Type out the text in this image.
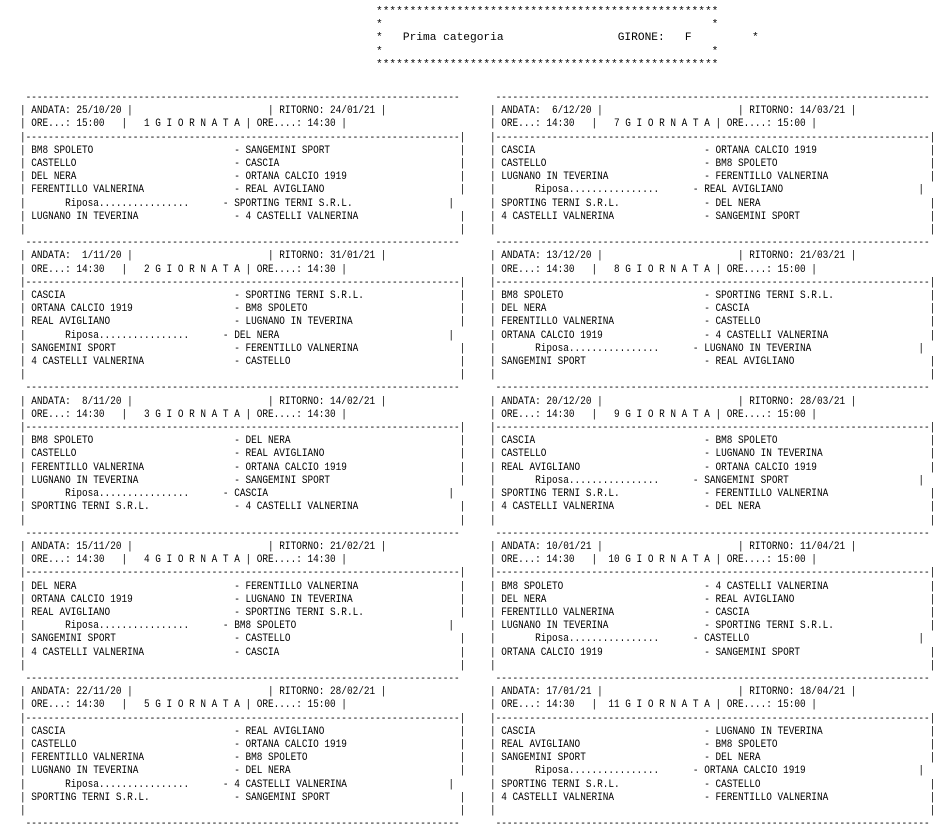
***************************************************
*                                                 *
*   Prima categoria	GIRONE: F         *
*                                                 *
***************************************************
-----------------------------------------------------------------------------
| ANDATA: 25/10/20 |                        | RITORNO: 24/01/21 |
| ORE...: 15:00   |   1 G I O R N A T A | ORE....: 14:30 |
|-----------------------------------------------------------------------------|
| BM8 SPOLETO                         - SANGEMINI SPORT                       |
| CASTELLO                            - CASCIA                                |
| DEL NERA                            - ORTANA CALCIO 1919                    |
| FERENTILLO VALNERINA                - REAL AVIGLIANO                        |
|       Riposa................      - SPORTING TERNI S.R.L.                 |
| LUGNANO IN TEVERINA                 - 4 CASTELLI VALNERINA                  |
|                                                                             |
-----------------------------------------------------------------------------
| ANDATA:  1/11/20 |                        | RITORNO: 31/01/21 |
| ORE...: 14:30   |   2 G I O R N A T A | ORE....: 14:30 |
|-----------------------------------------------------------------------------|
| CASCIA                              - SPORTING TERNI S.R.L.                 |
| ORTANA CALCIO 1919                  - BM8 SPOLETO                           |
| REAL AVIGLIANO                      - LUGNANO IN TEVERINA                   |
|       Riposa................      - DEL NERA                              |
| SANGEMINI SPORT                     - FERENTILLO VALNERINA                  |
| 4 CASTELLI VALNERINA                - CASTELLO                              |
|                                                                             |
-----------------------------------------------------------------------------
| ANDATA:  8/11/20 |                        | RITORNO: 14/02/21 |
| ORE...: 14:30   |   3 G I O R N A T A | ORE....: 14:30 |
|-----------------------------------------------------------------------------|
| BM8 SPOLETO                         - DEL NERA                              |
| CASTELLO                            - REAL AVIGLIANO                        |
| FERENTILLO VALNERINA                - ORTANA CALCIO 1919                    |
| LUGNANO IN TEVERINA                 - SANGEMINI SPORT                       |
|       Riposa................      - CASCIA                                |
| SPORTING TERNI S.R.L.               - 4 CASTELLI VALNERINA                  |
|                                                                             |
-----------------------------------------------------------------------------
| ANDATA: 15/11/20 |                        | RITORNO: 21/02/21 |
| ORE...: 14:30   |   4 G I O R N A T A | ORE....: 14:30 |
|-----------------------------------------------------------------------------|
| DEL NERA                            - FERENTILLO VALNERINA                  |
| ORTANA CALCIO 1919                  - LUGNANO IN TEVERINA                   |
| REAL AVIGLIANO                      - SPORTING TERNI S.R.L.                 |
|       Riposa................      - BM8 SPOLETO                           |
| SANGEMINI SPORT                     - CASTELLO                              |
| 4 CASTELLI VALNERINA                - CASCIA                                |
|                                                                             |
-----------------------------------------------------------------------------
| ANDATA: 22/11/20 |                        | RITORNO: 28/02/21 |
| ORE...: 14:30   |   5 G I O R N A T A | ORE....: 15:00 |
|-----------------------------------------------------------------------------|
| CASCIA                              - REAL AVIGLIANO                        |
| CASTELLO                            - ORTANA CALCIO 1919                    |
| FERENTILLO VALNERINA                - BM8 SPOLETO                           |
| LUGNANO IN TEVERINA                 - DEL NERA                              |
|       Riposa................      - 4 CASTELLI VALNERINA                  |
| SPORTING TERNI S.R.L.               - SANGEMINI SPORT                       |
|                                                                             |
-----------------------------------------------------------------------------
-----------------------------------------------------------------------------
| ANDATA:  6/12/20 |                        | RITORNO: 14/03/21 |
| ORE...: 14:30   |   7 G I O R N A T A | ORE....: 15:00 |
|-----------------------------------------------------------------------------|
| CASCIA                              - ORTANA CALCIO 1919                    |
| CASTELLO                            - BM8 SPOLETO                           |
| LUGNANO IN TEVERINA                 - FERENTILLO VALNERINA                  |
|       Riposa................      - REAL AVIGLIANO                        |
| SPORTING TERNI S.R.L.               - DEL NERA                              |
| 4 CASTELLI VALNERINA                - SANGEMINI SPORT                       |
|                                                                             |
-----------------------------------------------------------------------------
| ANDATA: 13/12/20 |                        | RITORNO: 21/03/21 |
| ORE...: 14:30   |   8 G I O R N A T A | ORE....: 15:00 |
|-----------------------------------------------------------------------------|
| BM8 SPOLETO                         - SPORTING TERNI S.R.L.                 |
| DEL NERA                            - CASCIA                                |
| FERENTILLO VALNERINA                - CASTELLO                              |
| ORTANA CALCIO 1919                  - 4 CASTELLI VALNERINA                  |
|       Riposa................      - LUGNANO IN TEVERINA                   |
| SANGEMINI SPORT                     - REAL AVIGLIANO                        |
|                                                                             |
-----------------------------------------------------------------------------
| ANDATA: 20/12/20 |                        | RITORNO: 28/03/21 |
| ORE...: 14:30   |   9 G I O R N A T A | ORE....: 15:00 |
|-----------------------------------------------------------------------------|
| CASCIA                              - BM8 SPOLETO                           |
| CASTELLO                            - LUGNANO IN TEVERINA                   |
| REAL AVIGLIANO                      - ORTANA CALCIO 1919                    |
|       Riposa................      - SANGEMINI SPORT                       |
| SPORTING TERNI S.R.L.               - FERENTILLO VALNERINA                  |
| 4 CASTELLI VALNERINA                - DEL NERA                              |
|                                                                             |
-----------------------------------------------------------------------------
| ANDATA: 10/01/21 |                        | RITORNO: 11/04/21 |
| ORE...: 14:30   |  10 G I O R N A T A | ORE....: 15:00 |
|-----------------------------------------------------------------------------|
| BM8 SPOLETO                         - 4 CASTELLI VALNERINA                  |
| DEL NERA                            - REAL AVIGLIANO                        |
| FERENTILLO VALNERINA                - CASCIA                                |
| LUGNANO IN TEVERINA                 - SPORTING TERNI S.R.L.                 |
|       Riposa................      - CASTELLO                              |
| ORTANA CALCIO 1919                  - SANGEMINI SPORT                       |
|                                                                             |
-----------------------------------------------------------------------------
| ANDATA: 17/01/21 |                        | RITORNO: 18/04/21 |
| ORE...: 14:30   |  11 G I O R N A T A | ORE....: 15:00 |
|-----------------------------------------------------------------------------|
| CASCIA                              - LUGNANO IN TEVERINA                   |
| REAL AVIGLIANO                      - BM8 SPOLETO                           |
| SANGEMINI SPORT                     - DEL NERA                              |
|       Riposa................      - ORTANA CALCIO 1919                    |
| SPORTING TERNI S.R.L.               - CASTELLO                              |
| 4 CASTELLI VALNERINA                - FERENTILLO VALNERINA                  |
|                                                                             |
-----------------------------------------------------------------------------
